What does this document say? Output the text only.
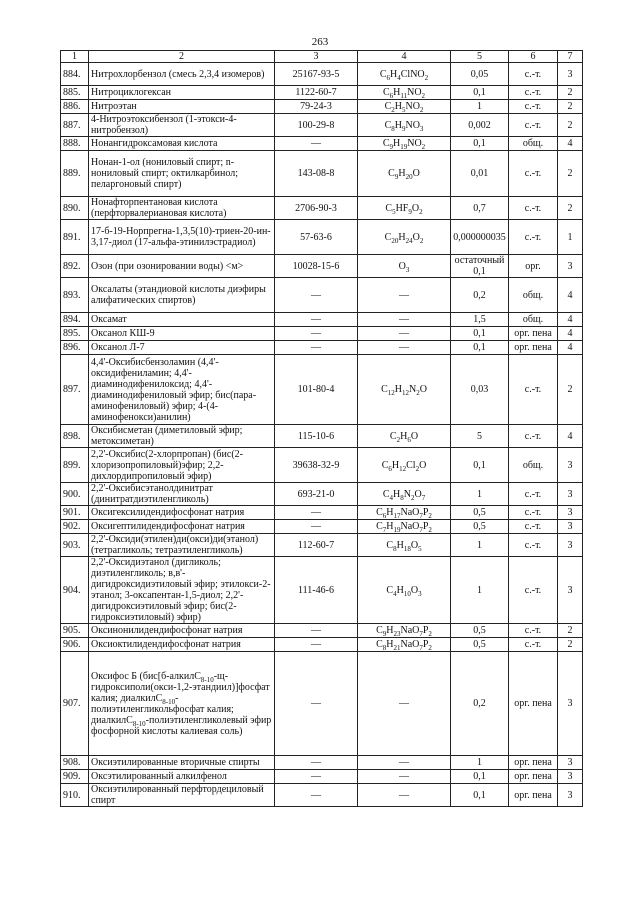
263
1	2	3	4	5	6	7
884.	Нитрохлорбензол (смесь 2,3,4 изомеров)	25167-93-5	$C_6H_4ClNO_2$	0,05	с.-т.	3
885.	Нитроциклогексан	1122-60-7	$C_6H_{11}NO_2$	0,1	с.-т.	2
886.	Нитроэтан	79-24-3	$C_2H_5NO_2$	1	с.-т.	2
887.	4-Нитроэтоксибензол (1-этокси-4-нитробензол)	100-29-8	$C_8H_9NO_3$	0,002	с.-т.	2
888.	Нонангидроксамовая кислота	—	$C_9H_{19}NO_2$	0,1	общ.	4
889.	Нонан-1-ол (нониловый спирт; n-нониловый спирт; октилкарбинол; пеларгоновый спирт)	143-08-8	$C_9H_{20}O$	0,01	с.-т.	2
890.	Нонафторпентановая кислота (перфторвалериановая кислота)	2706-90-3	$C_5HF_9O_2$	0,7	с.-т.	2
891.	17-б-19-Норпрегна-1,3,5(10)-триен-20-ин- 3,17-диол (17-альфа-этинилэстрадиол)	57-63-6	$C_{20}H_{24}O_2$	0,000000035	с.-т.	1
892.	Озон (при озонировании воды) <м>	10028-15-6	$O_3$	остаточный 0,1	орг.	3
893.	Оксалаты (этандиовой кислоты диэфиры алифатических спиртов)	—	—	0,2	общ.	4
894.	Оксамат	—	—	1,5	общ.	4
895.	Оксанол КШ-9	—	—	0,1	орг. пена	4
896.	Оксанол Л-7	—	—	0,1	орг. пена	4
897.	4,4'-Оксибисбензоламин (4,4'-оксидифениламин; 4,4'-диаминодифенилоксид; 4,4'-диаминодифениловый эфир; бис(пара-аминофениловый) эфир; 4-(4-аминофенокси)анилин)	101-80-4	$C_{12}H_{12}N_2O$	0,03	с.-т.	2
898.	Оксибисметан (диметиловый эфир; метоксиметан)	115-10-6	$C_2H_6O$	5	с.-т.	4
899.	2,2'-Оксибис(2-хлорпропан) (бис(2-хлоризопропиловый)эфир; 2,2-дихлордипропиловый эфир)	39638-32-9	$C_6H_{12}Cl_2O$	0,1	общ.	3
900.	2,2'-Оксибисэтанолдинитрат (динитратдиэтиленгликоль)	693-21-0	$C_4H_8N_2O_7$	1	с.-т.	3
901.	Оксигексилидендифосфонат натрия	—	$C_6H_{17}NaO_7P_2$	0,5	с.-т.	3
902.	Оксигептилидендифосфонат натрия	—	$C_7H_{19}NaO_7P_2$	0,5	с.-т.	3
903.	2,2'-Оксиди(этилен)ди(окси)ди(этанол) (тетрагликоль; тетраэтиленгликоль)	112-60-7	$C_8H_{18}O_5$	1	с.-т.	3
904.	2,2'-Оксидиэтанол (дигликоль; диэтиленгликоль; в,в'-дигидроксидиэтиловый эфир; этилокси-2- этанол; 3-оксапентан-1,5-диол; 2,2'-дигидроксиэтиловый эфир; бис(2-гидроксиэтиловый) эфир)	111-46-6	$C_4H_{10}O_3$	1	с.-т.	3
905.	Оксинонилидендифосфонат натрия	—	$C_9H_{23}NaO_7P_2$	0,5	с.-т.	2
906.	Оксиоктилидендифосфонат натрия	—	$C_8H_{21}NaO_7P_2$	0,5	с.-т.	2
907.	Оксифос Б (бис[б-алкилС$_{8-10}$-щ-гидроксиполи(окси-1,2-этандиил)]фосфат калия; диалкилС$_{8-10}$-полиэтиленгликольфосфат калия; диалкилС$_{8-10}$-полиэтиленгликолевый эфир фосфорной кислоты калиевая соль)	—	—	0,2	орг. пена	3
908.	Оксиэтилированные вторичные спирты	—	—	1	орг. пена	3
909.	Оксэтилированный алкилфенол	—	—	0,1	орг. пена	3
910.	Оксиэтилированный перфтордециловый спирт	—	—	0,1	орг. пена	3
